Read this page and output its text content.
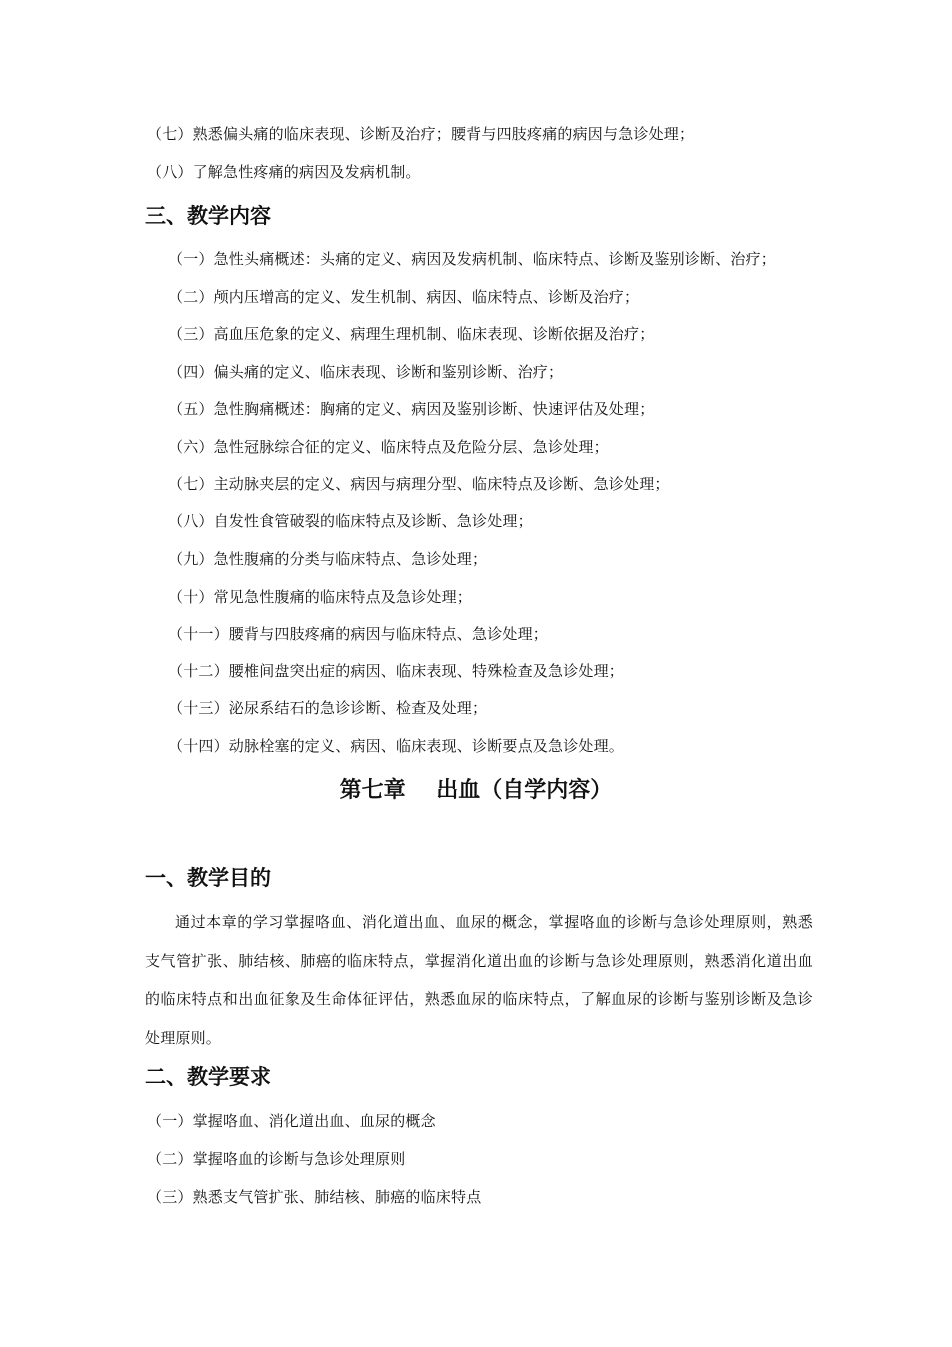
（七）熟悉偏头痛的临床表现、诊断及治疗；腰背与四肢疼痛的病因与急诊处理；
（八）了解急性疼痛的病因及发病机制。
三、教学内容
（一）急性头痛概述：头痛的定义、病因及发病机制、临床特点、诊断及鉴别诊断、治疗；
（二）颅内压增高的定义、发生机制、病因、临床特点、诊断及治疗；
（三）高血压危象的定义、病理生理机制、临床表现、诊断依据及治疗；
（四）偏头痛的定义、临床表现、诊断和鉴别诊断、治疗；
（五）急性胸痛概述：胸痛的定义、病因及鉴别诊断、快速评估及处理；
（六）急性冠脉综合征的定义、临床特点及危险分层、急诊处理；
（七）主动脉夹层的定义、病因与病理分型、临床特点及诊断、急诊处理；
（八）自发性食管破裂的临床特点及诊断、急诊处理；
（九）急性腹痛的分类与临床特点、急诊处理；
（十）常见急性腹痛的临床特点及急诊处理；
（十一）腰背与四肢疼痛的病因与临床特点、急诊处理；
（十二）腰椎间盘突出症的病因、临床表现、特殊检查及急诊处理；
（十三）泌尿系结石的急诊诊断、检查及处理；
（十四）动脉栓塞的定义、病因、临床表现、诊断要点及急诊处理。
第七章    出血（自学内容）
一、教学目的
通过本章的学习掌握咯血、消化道出血、血尿的概念，掌握咯血的诊断与急诊处理原则，熟悉支气管扩张、肺结核、肺癌的临床特点，掌握消化道出血的诊断与急诊处理原则，熟悉消化道出血的临床特点和出血征象及生命体征评估，熟悉血尿的临床特点，了解血尿的诊断与鉴别诊断及急诊处理原则。
二、教学要求
（一）掌握咯血、消化道出血、血尿的概念
（二）掌握咯血的诊断与急诊处理原则
（三）熟悉支气管扩张、肺结核、肺癌的临床特点
